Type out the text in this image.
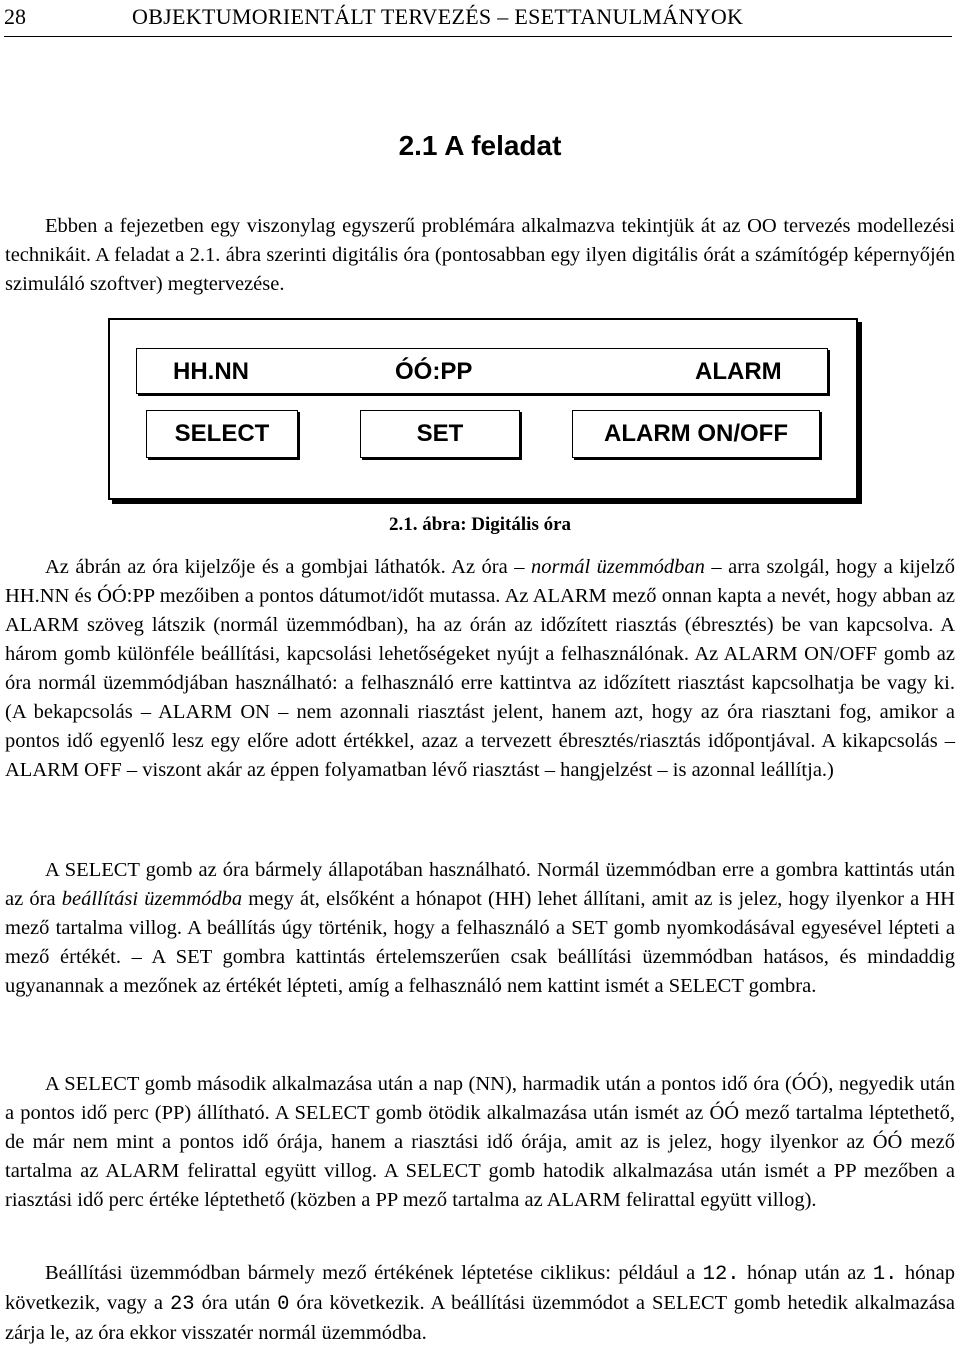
28	OBJEKTUMORIENTÁLT TERVEZÉS – ESETTANULMÁNYOK
2.1 A feladat

Ebben a fejezetben egy viszonylag egyszerű problémára alkalmazva tekintjük át az OO tervezés modellezési technikáit. A feladat a 2.1. ábra szerinti digitális óra (pontosabban egy ilyen digitális órát a számítógép képernyőjén szimuláló szoftver) megtervezése.

HH.NN	ÓÓ:PP	ALARM
SELECT	SET	ALARM ON/OFF
2.1. ábra: Digitális óra

Az ábrán az óra kijelzője és a gombjai láthatók. Az óra – normál üzemmódban – arra szolgál, hogy a kijelző HH.NN és ÓÓ:PP mezőiben a pontos dátumot/időt mutassa. Az ALARM mező onnan kapta a nevét, hogy abban az ALARM szöveg látszik (normál üzemmódban), ha az órán az időzített riasztás (ébresztés) be van kapcsolva. A három gomb különféle beállítási, kapcsolási lehetőségeket nyújt a felhasználónak. Az ALARM ON/OFF gomb az óra normál üzemmódjában használható: a felhasználó erre kattintva az időzített riasztást kapcsolhatja be vagy ki. (A bekapcsolás – ALARM ON – nem azonnali riasztást jelent, hanem azt, hogy az óra riasztani fog, amikor a pontos idő egyenlő lesz egy előre adott értékkel, azaz a tervezett ébresztés/riasztás időpontjával. A kikapcsolás – ALARM OFF – viszont akár az éppen folyamatban lévő riasztást – hangjelzést – is azonnal leállítja.)

A SELECT gomb az óra bármely állapotában használható. Normál üzemmódban erre a gombra kattintás után az óra beállítási üzemmódba megy át, elsőként a hónapot (HH) lehet állítani, amit az is jelez, hogy ilyenkor a HH mező tartalma villog. A beállítás úgy történik, hogy a felhasználó a SET gomb nyomkodásával egyesével lépteti a mező értékét. – A SET gombra kattintás értelemszerűen csak beállítási üzemmódban hatásos, és mindaddig ugyanannak a mezőnek az értékét lépteti, amíg a felhasználó nem kattint ismét a SELECT gombra.

A SELECT gomb második alkalmazása után a nap (NN), harmadik után a pontos idő óra (ÓÓ), negyedik után a pontos idő perc (PP) állítható. A SELECT gomb ötödik alkalmazása után ismét az ÓÓ mező tartalma léptethető, de már nem mint a pontos idő órája, hanem a riasztási idő órája, amit az is jelez, hogy ilyenkor az ÓÓ mező tartalma az ALARM felirattal együtt villog. A SELECT gomb hatodik alkalmazása után ismét a PP mezőben a riasztási idő perc értéke léptethető (közben a PP mező tartalma az ALARM felirattal együtt villog).

Beállítási üzemmódban bármely mező értékének léptetése ciklikus: például a 12. hónap után az 1. hónap következik, vagy a 23 óra után 0 óra következik. A beállítási üzemmódot a SELECT gomb hetedik alkalmazása zárja le, az óra ekkor visszatér normál üzemmódba.
